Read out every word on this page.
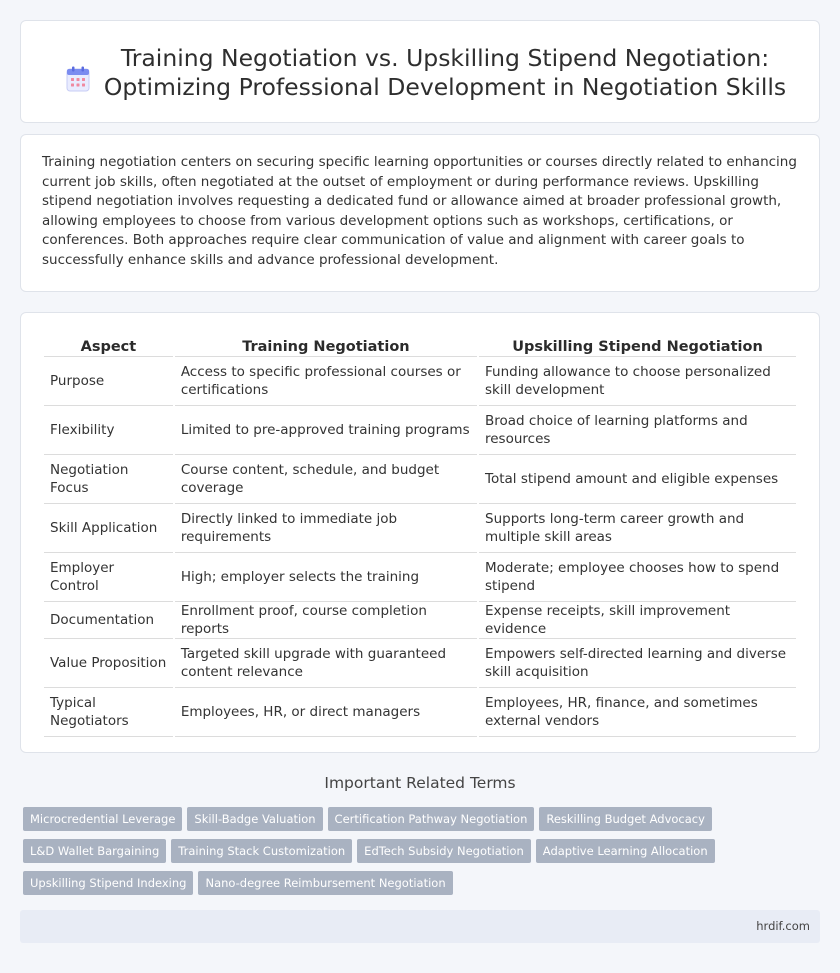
Training Negotiation vs. Upskilling Stipend Negotiation: Optimizing Professional Development in Negotiation Skills

Training negotiation centers on securing specific learning opportunities or courses directly related to enhancing current job skills, often negotiated at the outset of employment or during performance reviews. Upskilling stipend negotiation involves requesting a dedicated fund or allowance aimed at broader professional growth, allowing employees to choose from various development options such as workshops, certifications, or conferences. Both approaches require clear communication of value and alignment with career goals to successfully enhance skills and advance professional development.

Aspect	Training Negotiation	Upskilling Stipend Negotiation
Purpose	Access to specific professional courses or certifications	Funding allowance to choose personalized skill development
Flexibility	Limited to pre-approved training programs	Broad choice of learning platforms and resources
Negotiation Focus	Course content, schedule, and budget coverage	Total stipend amount and eligible expenses
Skill Application	Directly linked to immediate job requirements	Supports long-term career growth and multiple skill areas
Employer Control	High; employer selects the training	Moderate; employee chooses how to spend stipend
Documentation	Enrollment proof, course completion reports	Expense receipts, skill improvement evidence
Value Proposition	Targeted skill upgrade with guaranteed content relevance	Empowers self-directed learning and diverse skill acquisition
Typical Negotiators	Employees, HR, or direct managers	Employees, HR, finance, and sometimes external vendors
Important Related Terms
Microcredential Leverage Skill-Badge Valuation Certification Pathway Negotiation Reskilling Budget Advocacy
L&D Wallet Bargaining Training Stack Customization EdTech Subsidy Negotiation Adaptive Learning Allocation
Upskilling Stipend Indexing Nano-degree Reimbursement Negotiation
hrdif.com
